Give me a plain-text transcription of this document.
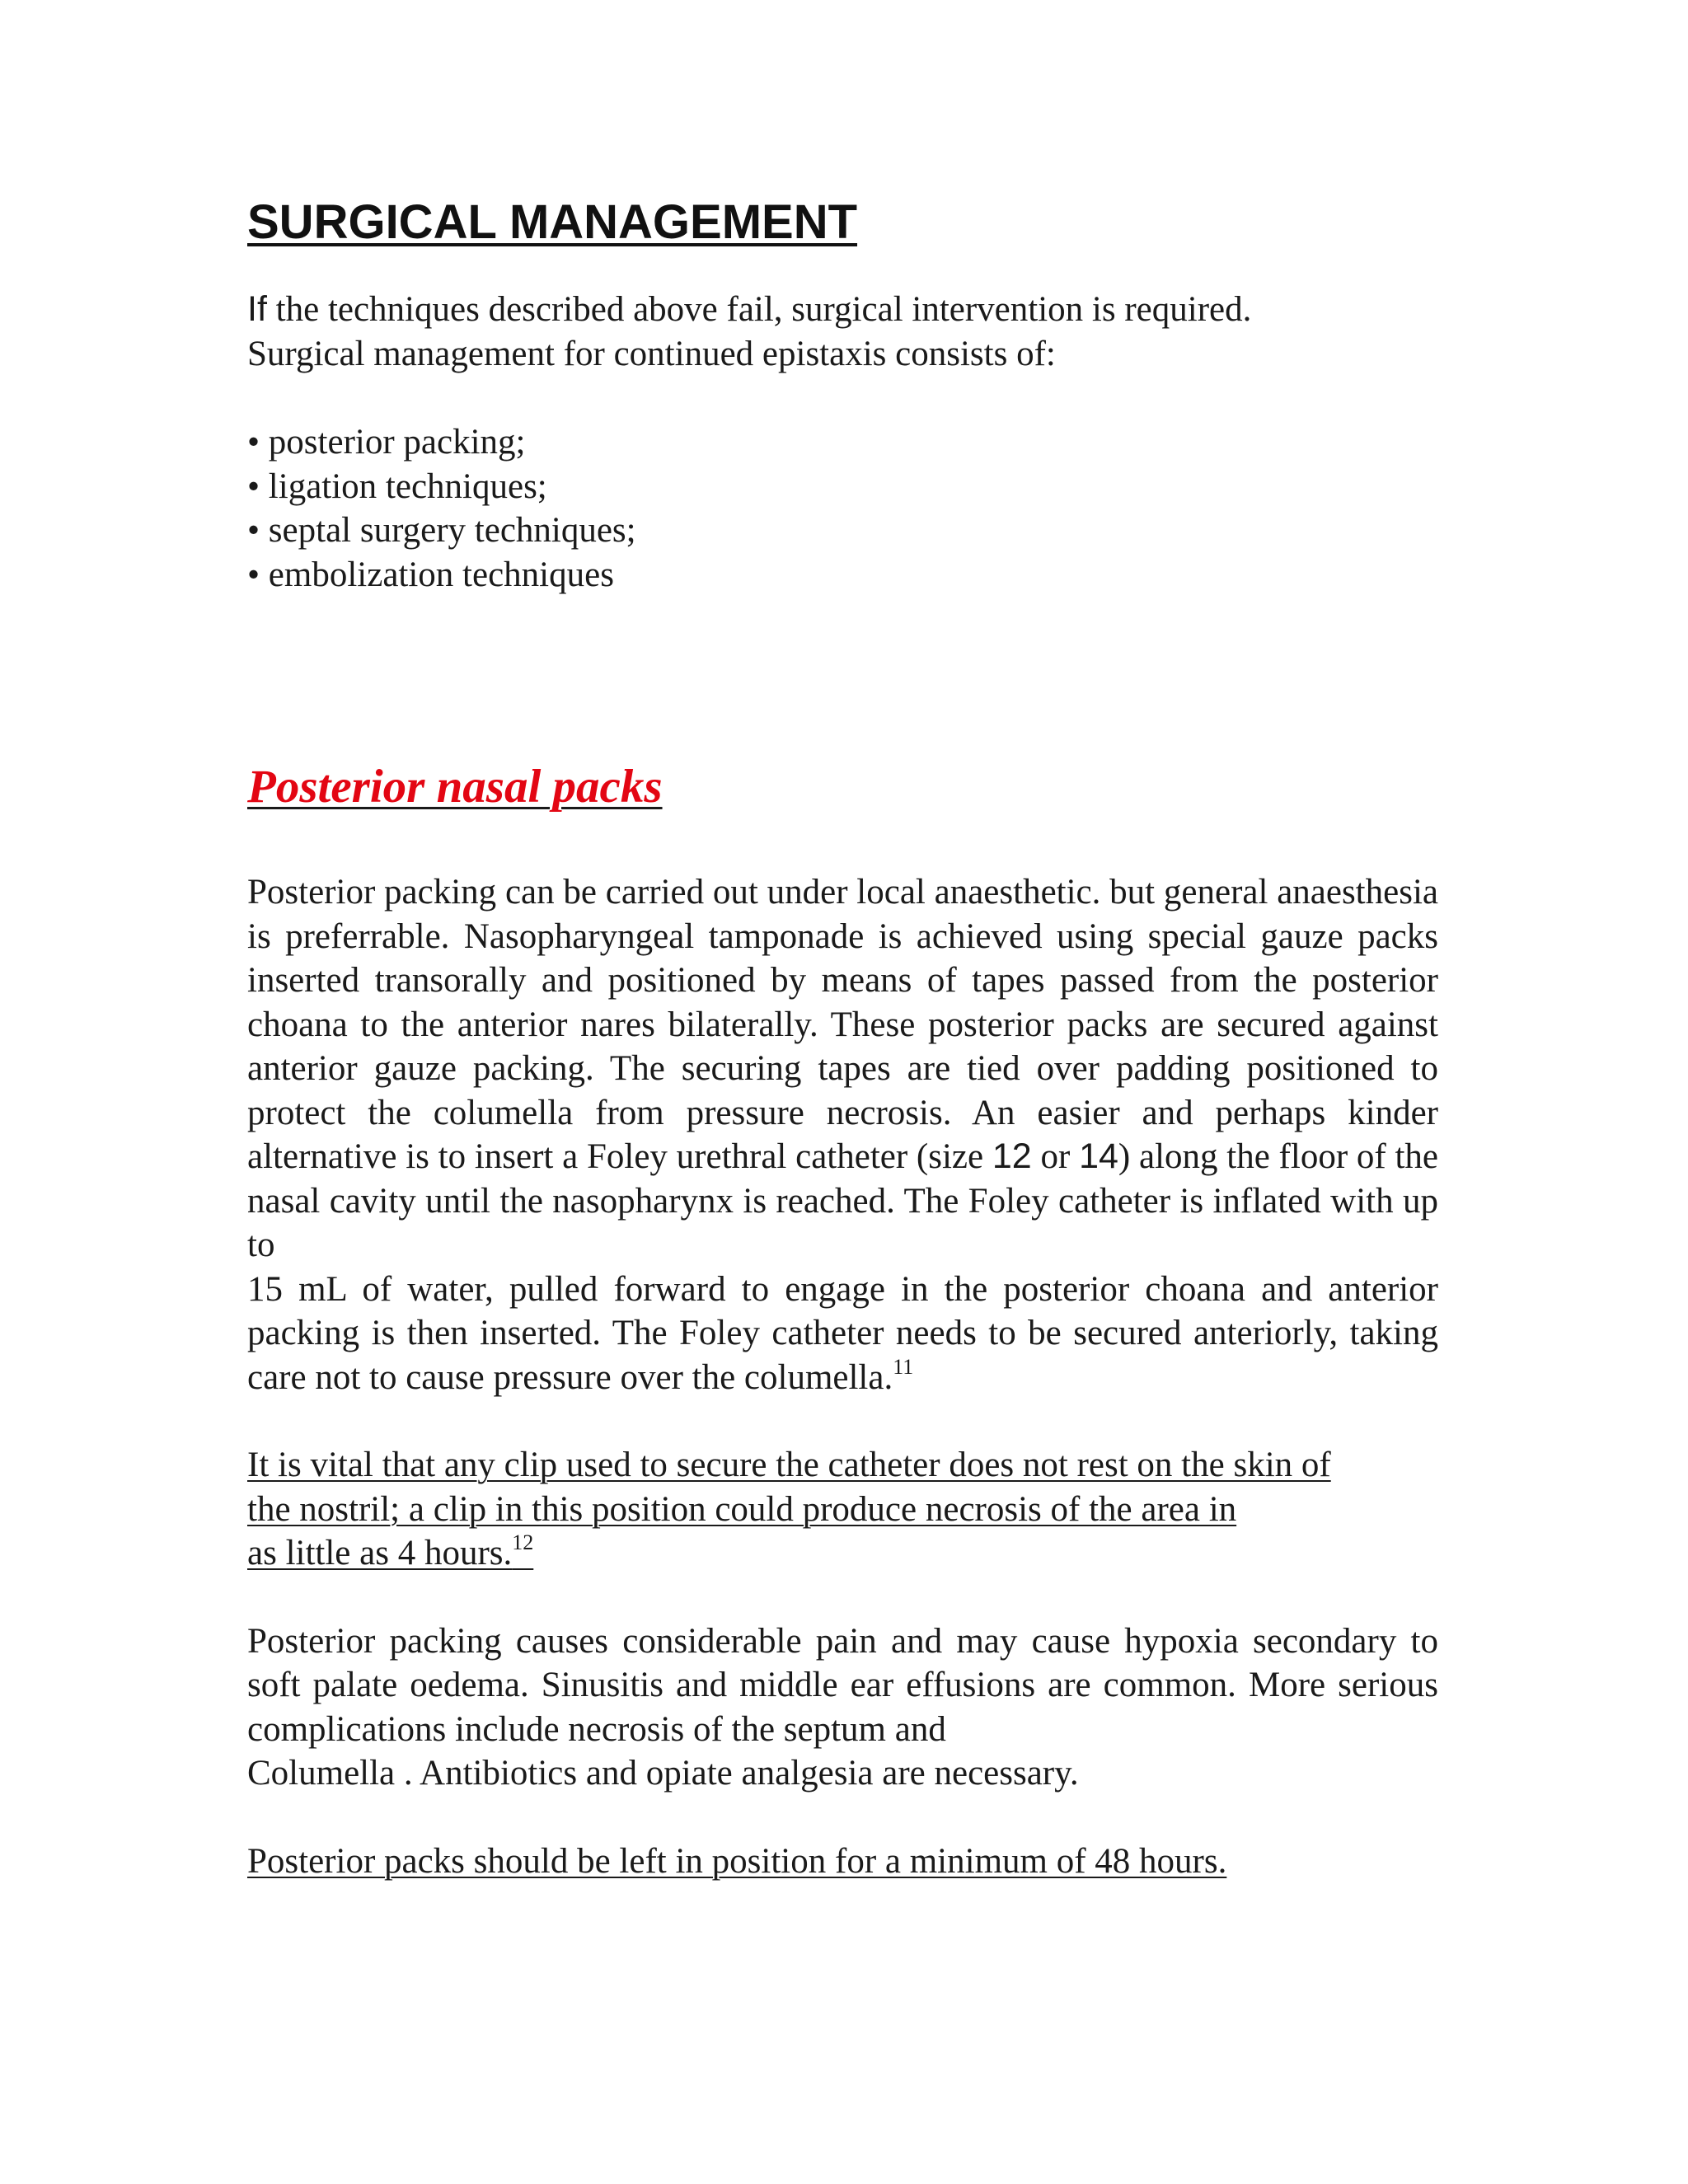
SURGICAL MANAGEMENT

If the techniques described above fail, surgical intervention is required.
Surgical management for continued epistaxis consists of:

• posterior packing;
• ligation techniques;
• septal surgery techniques;
• embolization techniques
Posterior nasal packs

Posterior packing can be carried out under local anaesthetic. but general anaesthesia is preferrable. Nasopharyngeal tamponade is achieved using special gauze packs inserted transorally and positioned by means of tapes passed from the posterior choana to the anterior nares bilaterally. These posterior packs are secured against anterior gauze packing. The securing tapes are tied over padding positioned to protect the columella from pressure necrosis. An easier and perhaps kinder alternative is to insert a Foley urethral catheter (size 12 or 14) along the floor of the nasal cavity until the nasopharynx is reached. The Foley catheter is inflated with up to
15 mL of water, pulled forward to engage in the posterior choana and anterior packing is then inserted. The Foley catheter needs to be secured anteriorly, taking care not to cause pressure over the columella.$^{11}$

It is vital that any clip used to secure the catheter does not rest on the skin of
the nostril; a clip in this position could produce necrosis of the area in
as little as 4 hours.$^{12}$

Posterior packing causes considerable pain and may cause hypoxia secondary to soft palate oedema. Sinusitis and middle ear effusions are common. More serious complications include necrosis of the septum and
Columella . Antibiotics and opiate analgesia are necessary.

Posterior packs should be left in position for a minimum of 48 hours.
